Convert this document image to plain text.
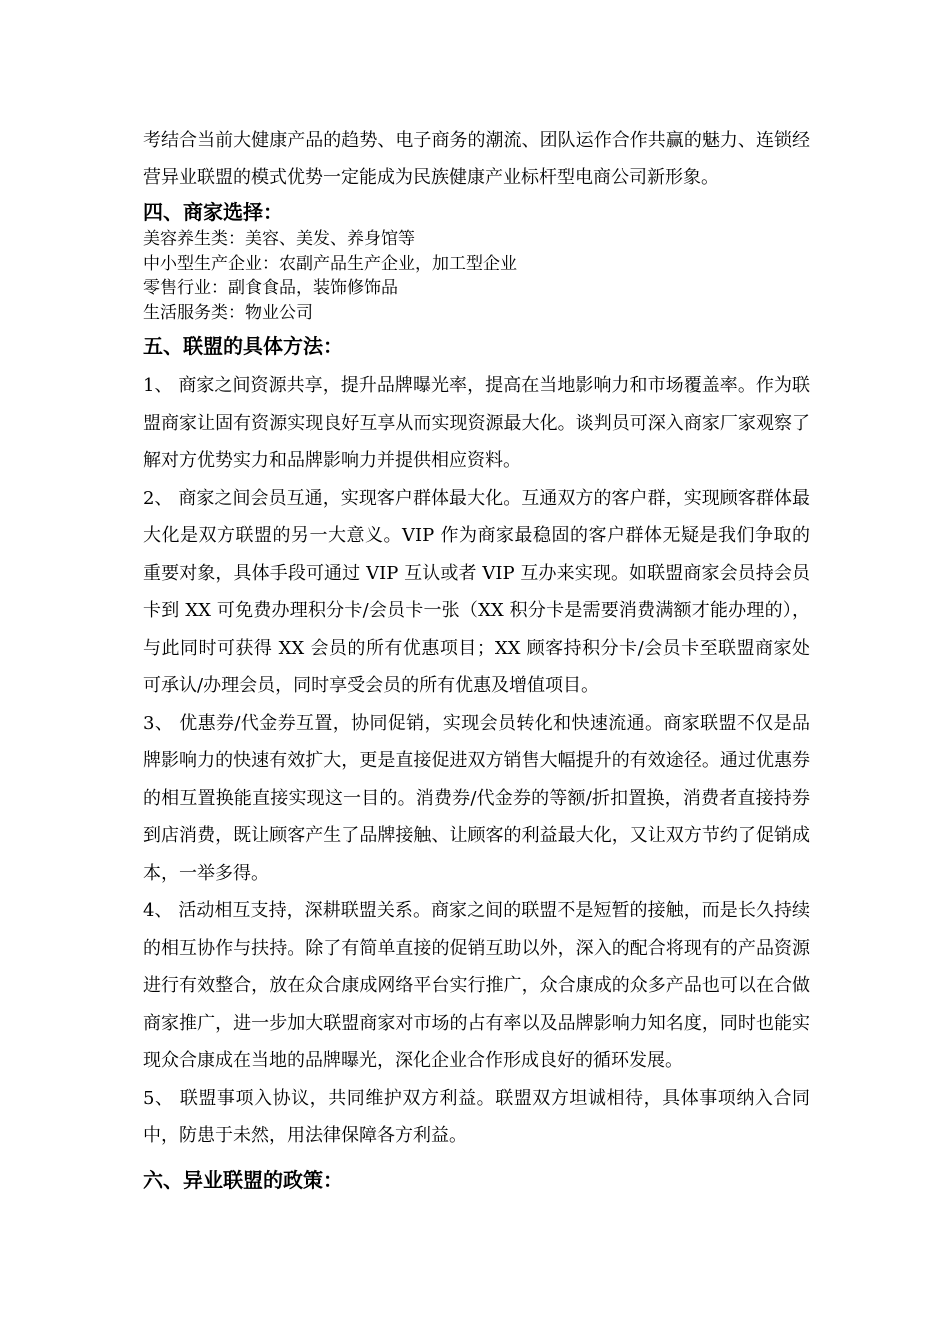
考结合当前大健康产品的趋势、电子商务的潮流、团队运作合作共赢的魅力、连锁经营异业联盟的模式优势一定能成为民族健康产业标杆型电商公司新形象。

四、商家选择：

美容养生类：美容、美发、养身馆等

中小型生产企业：农副产品生产企业，加工型企业

零售行业：副食食品，装饰修饰品

生活服务类：物业公司

五、联盟的具体方法：

1、 商家之间资源共享，提升品牌曝光率，提高在当地影响力和市场覆盖率。作为联盟商家让固有资源实现良好互享从而实现资源最大化。谈判员可深入商家厂家观察了解对方优势实力和品牌影响力并提供相应资料。

2、 商家之间会员互通，实现客户群体最大化。互通双方的客户群，实现顾客群体最大化是双方联盟的另一大意义。VIP 作为商家最稳固的客户群体无疑是我们争取的重要对象，具体手段可通过 VIP 互认或者 VIP 互办来实现。如联盟商家会员持会员卡到 XX 可免费办理积分卡/会员卡一张（XX 积分卡是需要消费满额才能办理的），与此同时可获得 XX 会员的所有优惠项目；XX 顾客持积分卡/会员卡至联盟商家处可承认/办理会员，同时享受会员的所有优惠及增值项目。

3、 优惠券/代金券互置，协同促销，实现会员转化和快速流通。商家联盟不仅是品牌影响力的快速有效扩大，更是直接促进双方销售大幅提升的有效途径。通过优惠券的相互置换能直接实现这一目的。消费券/代金券的等额/折扣置换，消费者直接持券到店消费，既让顾客产生了品牌接触、让顾客的利益最大化，又让双方节约了促销成本，一举多得。

4、 活动相互支持，深耕联盟关系。商家之间的联盟不是短暂的接触，而是长久持续的相互协作与扶持。除了有简单直接的促销互助以外，深入的配合将现有的产品资源进行有效整合，放在众合康成网络平台实行推广，众合康成的众多产品也可以在合做商家推广，进一步加大联盟商家对市场的占有率以及品牌影响力知名度，同时也能实现众合康成在当地的品牌曝光，深化企业合作形成良好的循环发展。

5、 联盟事项入协议，共同维护双方利益。联盟双方坦诚相待，具体事项纳入合同中，防患于未然，用法律保障各方利益。

六、异业联盟的政策：
